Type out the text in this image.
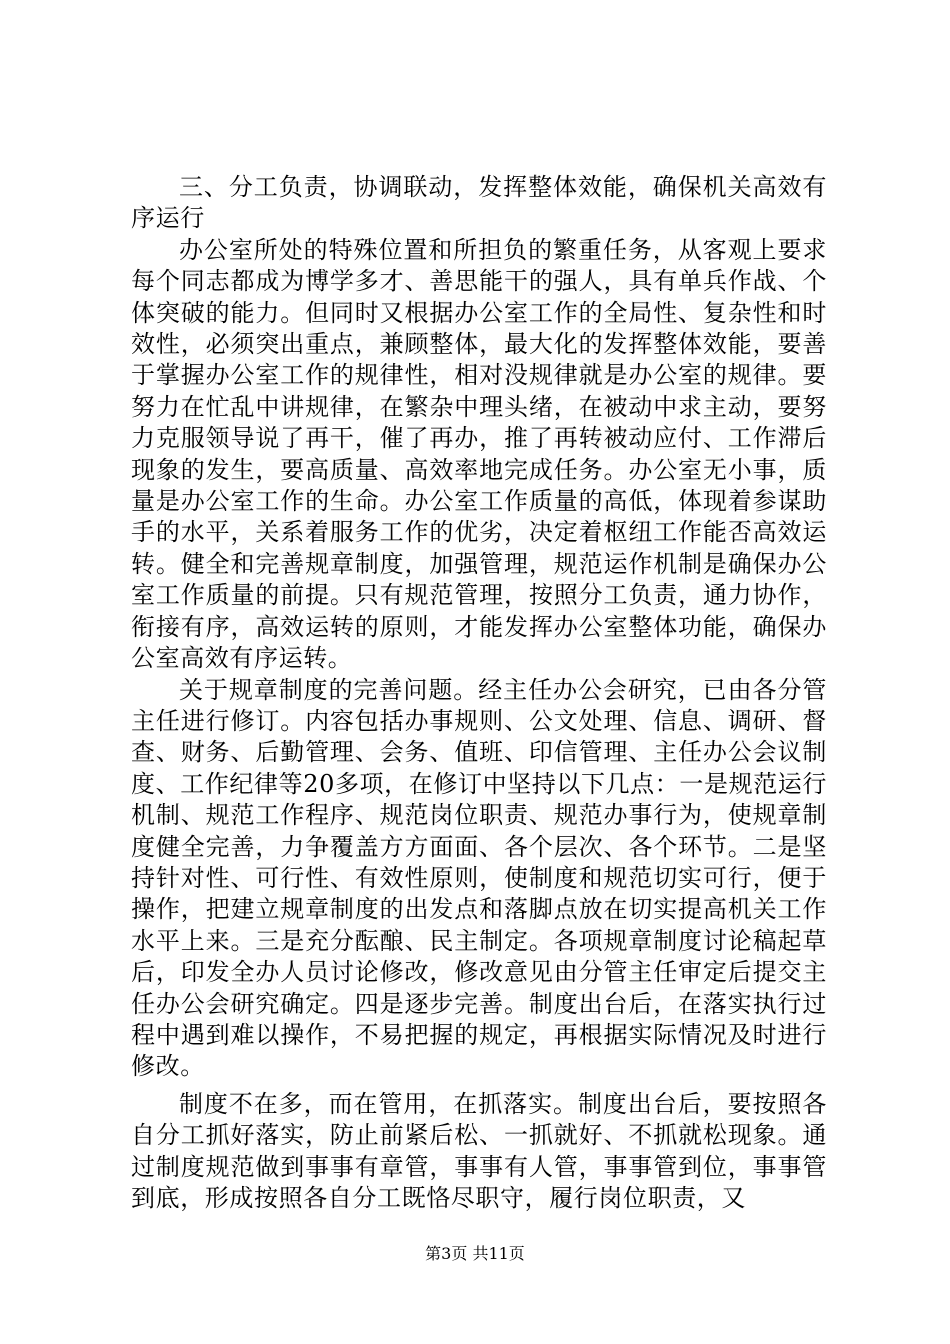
三、分工负责，协调联动，发挥整体效能，确保机关高效有序运行

办公室所处的特殊位置和所担负的繁重任务，从客观上要求每个同志都成为博学多才、善思能干的强人，具有单兵作战、个体突破的能力。但同时又根据办公室工作的全局性、复杂性和时效性，必须突出重点，兼顾整体，最大化的发挥整体效能，要善于掌握办公室工作的规律性，相对没规律就是办公室的规律。要努力在忙乱中讲规律，在繁杂中理头绪，在被动中求主动，要努力克服领导说了再干，催了再办，推了再转被动应付、工作滞后现象的发生，要高质量、高效率地完成任务。办公室无小事，质量是办公室工作的生命。办公室工作质量的高低，体现着参谋助手的水平，关系着服务工作的优劣，决定着枢纽工作能否高效运转。健全和完善规章制度，加强管理，规范运作机制是确保办公室工作质量的前提。只有规范管理，按照分工负责，通力协作，衔接有序，高效运转的原则，才能发挥办公室整体功能，确保办公室高效有序运转。

关于规章制度的完善问题。经主任办公会研究，已由各分管主任进行修订。内容包括办事规则、公文处理、信息、调研、督查、财务、后勤管理、会务、值班、印信管理、主任办公会议制度、工作纪律等20多项，在修订中坚持以下几点：一是规范运行机制、规范工作程序、规范岗位职责、规范办事行为，使规章制度健全完善，力争覆盖方方面面、各个层次、各个环节。二是坚持针对性、可行性、有效性原则，使制度和规范切实可行，便于操作，把建立规章制度的出发点和落脚点放在切实提高机关工作水平上来。三是充分酝酿、民主制定。各项规章制度讨论稿起草后，印发全办人员讨论修改，修改意见由分管主任审定后提交主任办公会研究确定。四是逐步完善。制度出台后，在落实执行过程中遇到难以操作，不易把握的规定，再根据实际情况及时进行修改。

制度不在多，而在管用，在抓落实。制度出台后，要按照各自分工抓好落实，防止前紧后松、一抓就好、不抓就松现象。通过制度规范做到事事有章管，事事有人管，事事管到位，事事管到底，形成按照各自分工既恪尽职守，履行岗位职责，又

第3页 共11页
